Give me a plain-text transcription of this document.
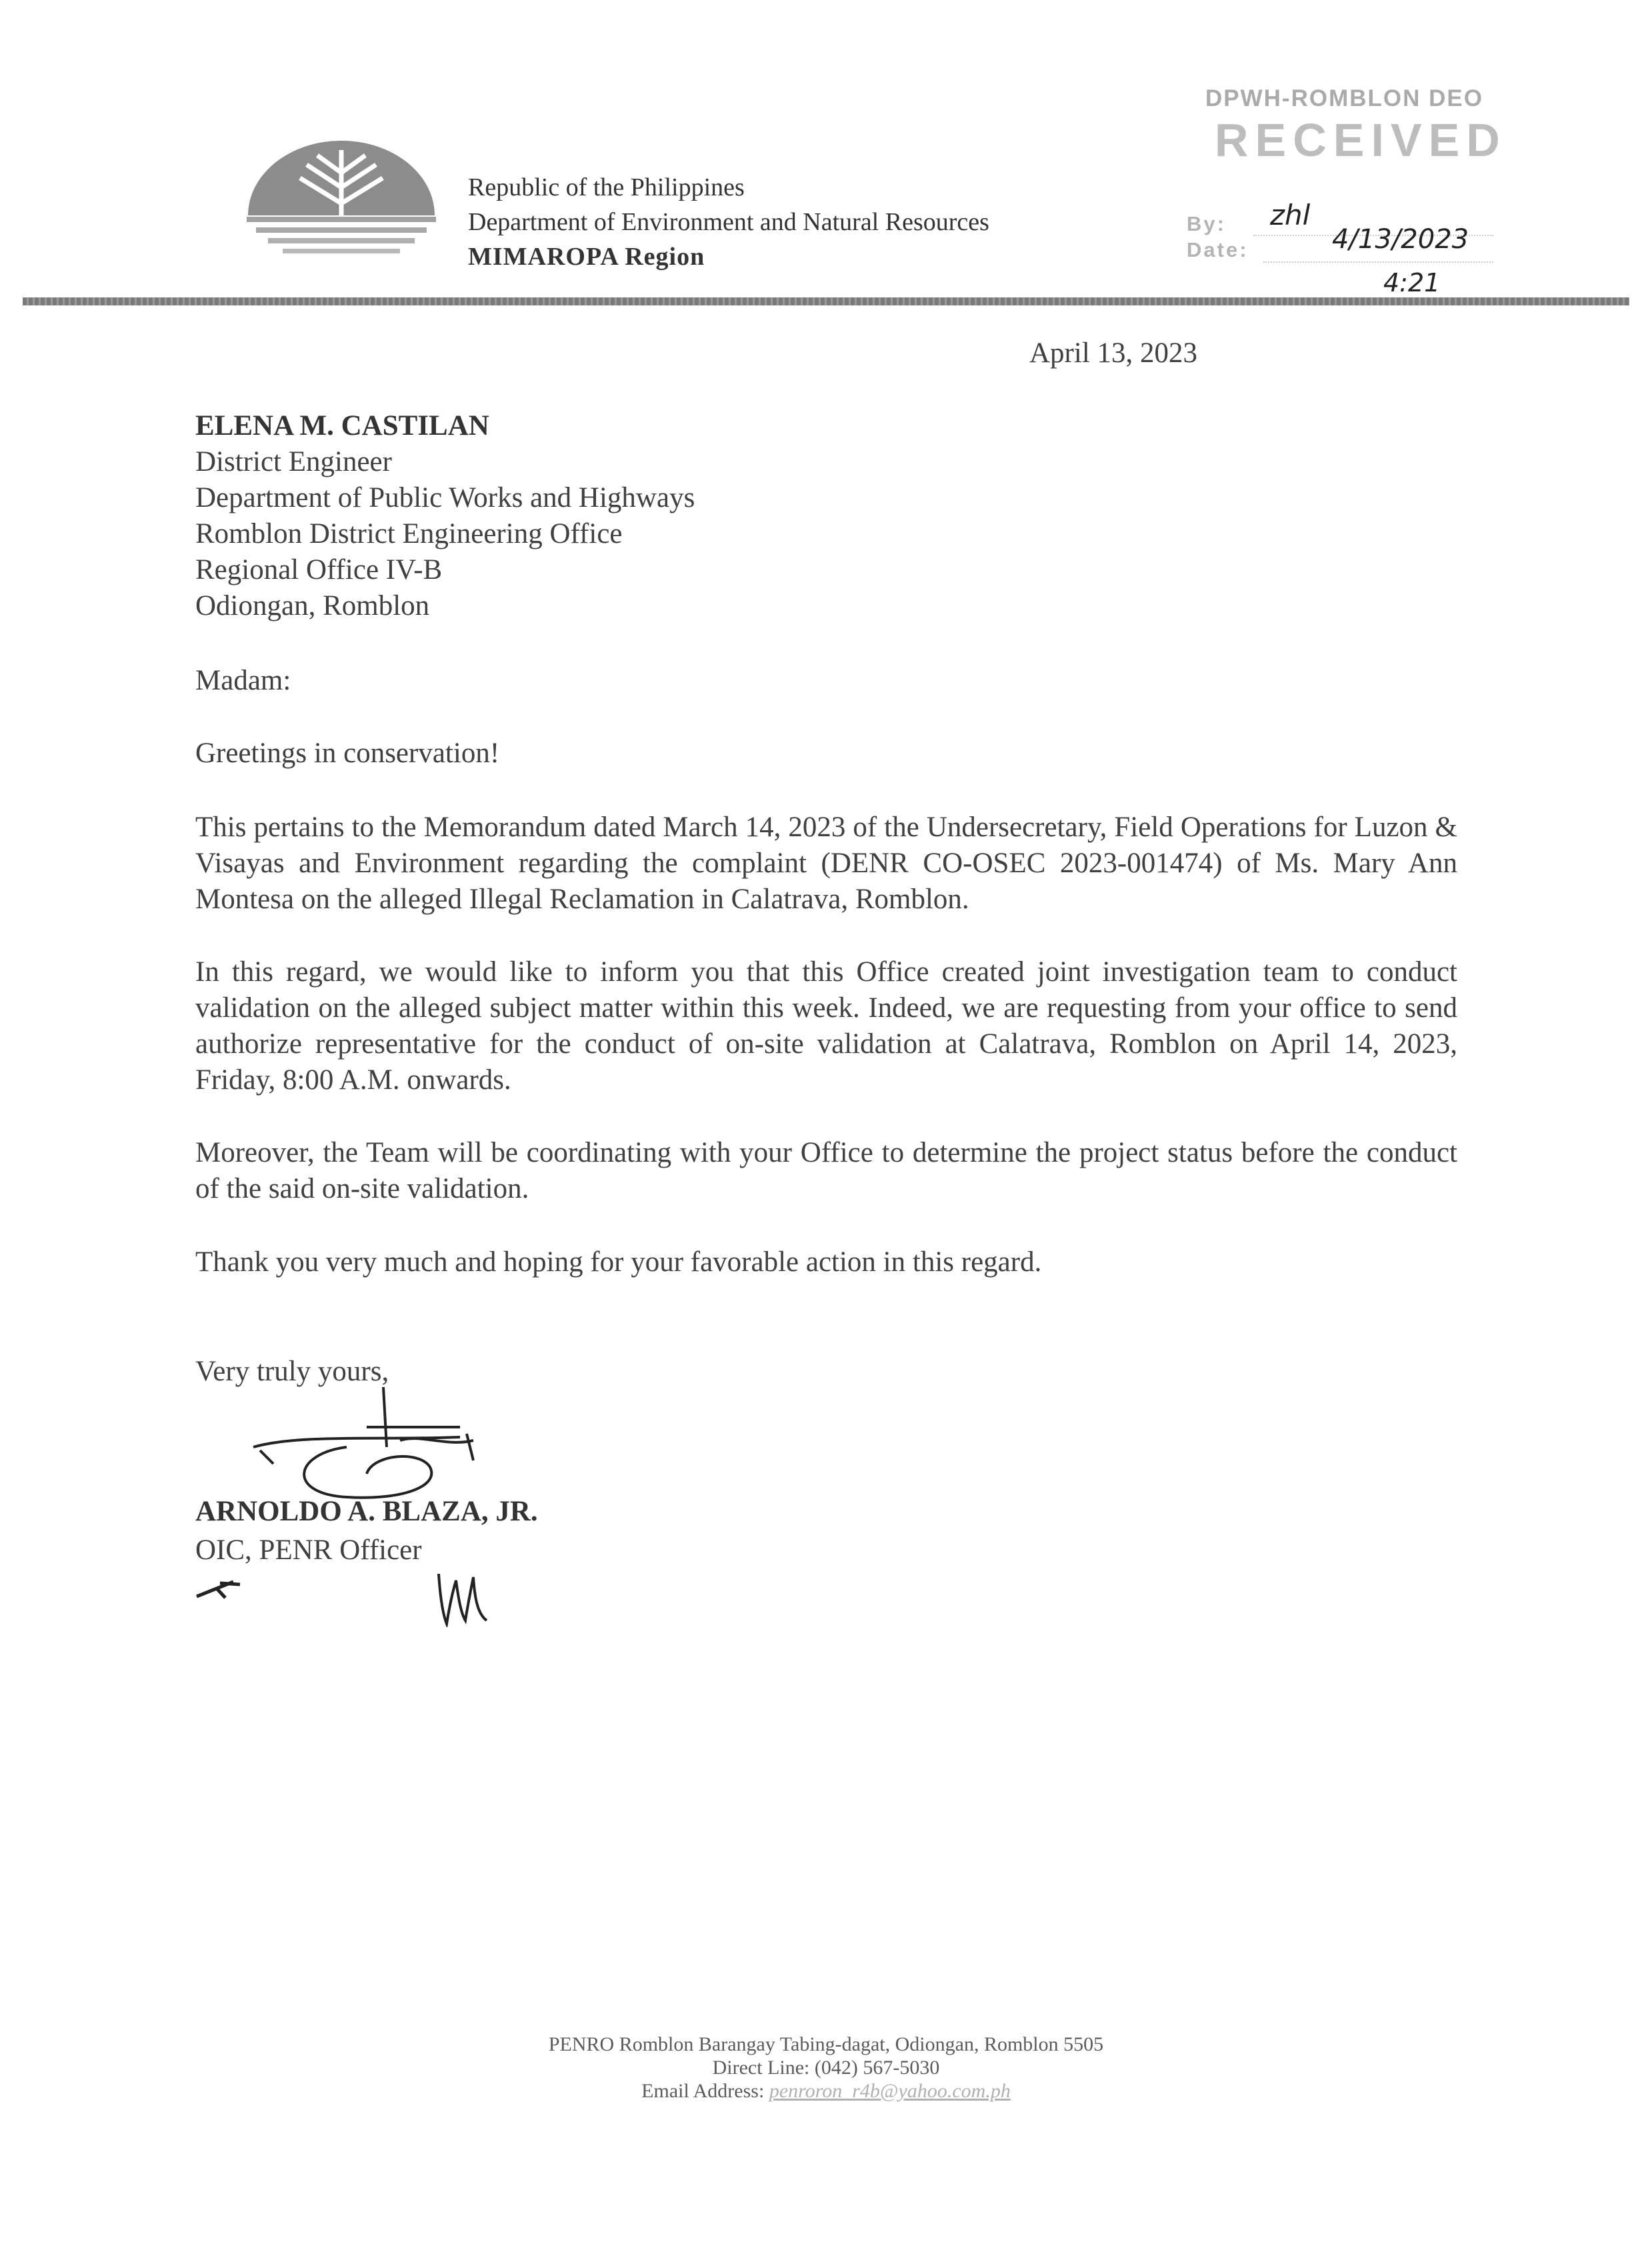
Republic of the Philippines
Department of Environment and Natural Resources
MIMAROPA Region
DPWH-ROMBLON DEO
RECEIVED
By:
Date:
zhl
4/13/2023
4:21
April 13, 2023
ELENA M. CASTILAN
District Engineer
Department of Public Works and Highways
Romblon District Engineering Office
Regional Office IV-B
Odiongan, Romblon
Madam:
Greetings in conservation!
This pertains to the Memorandum dated March 14, 2023 of the Undersecretary, Field Operations for Luzon & Visayas and Environment regarding the complaint (DENR CO-OSEC 2023-001474) of Ms. Mary Ann Montesa on the alleged Illegal Reclamation in Calatrava, Romblon.
In this regard, we would like to inform you that this Office created joint investigation team to conduct validation on the alleged subject matter within this week. Indeed, we are requesting from your office to send authorize representative for the conduct of on-site validation at Calatrava, Romblon on April 14, 2023, Friday, 8:00 A.M. onwards.
Moreover, the Team will be coordinating with your Office to determine the project status before the conduct of the said on-site validation.
Thank you very much and hoping for your favorable action in this regard.
Very truly yours,
ARNOLDO A. BLAZA, JR.
OIC, PENR Officer
PENRO Romblon Barangay Tabing-dagat, Odiongan, Romblon 5505
Direct Line: (042) 567-5030
Email Address: penroron_r4b@yahoo.com.ph
